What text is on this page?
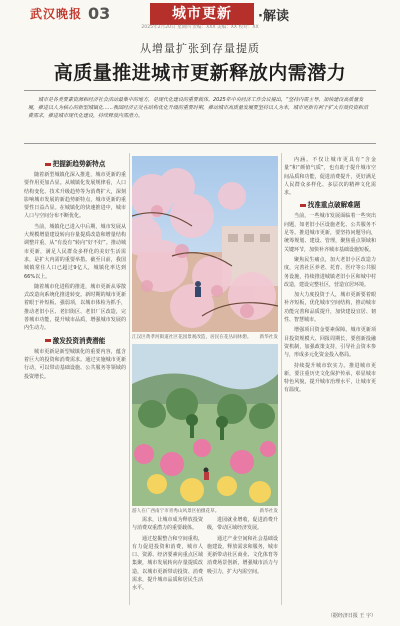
武汉晚报 03	城市更新	·解读
2025年2月20日 星期四 责编：XXX 美编：XX 校对：XX
从增量扩张到存量提质
高质量推进城市更新释放内需潜力
城市是各类要素资源和经济社会活动最集中的地方，是现代化建设的重要载体。2025年中央经济工作会议提出，“坚持内需主导，加快建设高质量发展，推进以人为核心的新型城镇化……我国经济正处在结构优化升级的重要时期，推动城市高质量发展要坚持以人为本，城市更新有利于扩大有效投资和消费需求，推进城市现代化建设，持续释放内需潜力。
把握新趋势新特点

随着新型城镇化深入推进，城市更新的重要作用更加凸显。从城镇化发展规律看，人口结构变化、技术升级趋势等为消费扩大，深刻影响城市发展的新趋势新特点，城市更新的重要性日益凸显。在城镇化的快速推进中，城市人口与空间分布不断优化。

当前，城镇化已进入中后期，城市发展从大规模增量建设转向存量提质改造和增量结构调整并重，从“有没有”转向“好不好”。推动城市更新，满足人民群众多样化的美好生活需求，是扩大内需的重要举措。截至目前，我国城镇常住人口已超过9亿人，城镇化率达到66%以上。

随着城市化进程的推进，城市更新从零散式改造向系统化推进转变。新时期的城市更新着眼于补短板、强弱项，以城市体检为抓手，推动老旧小区、老旧街区、老旧厂区改造，完善城市功能，提升城市品质，增强城市发展的内生动力。

激发投资消费潜能

城市更新是新型城镇化的重要内容，蕴含着巨大的投资和消费需求。通过实施城市更新行动，可以带动基础设施、公共服务等领域的投资增长。

江汉区黄孝河街道社区花园景观改造，居民在花丛间休憩。 新华社发
游人在广西南宁市青秀山风景区拍摄花草。	新华社发

需求，让城市成为释放投资与消费双重潜力的重要载体。

通过挖掘整合和空间重构，有力促进投资和消费，城市人口、资源、经济要素向重点区域集聚，城市发展转向存量提质改造，以城市更新带动投资、消费需求，提升城市品质和居民生活水平。

进园就业增收，促进消费升级，带动区域经济发展。

通过产业空间和社会基础设施建设，释放需求和服务，城市更新带动社区商业、文化体育等消费场景创新，增强城市活力与吸引力，扩大内需空间。

内涵。不仅让城市更具有“含金量”和“颜值气质”，也有助于提升城市空间品质和功能，促进消费提升，更好满足人民群众多样化、多层次的精神文化需求。

找准重点破解难题

当前，一些城市发展面临着一些突出问题，如老旧小区设施老化、公共服务不足等。推进城市更新，要坚持问题导向，统筹规划、建设、管理，聚焦重点领域和关键环节，加快补齐城市基础设施短板。

聚焦民生痛点，加大老旧小区改造力度，完善社区养老、托育、医疗等公共服务设施，持续推进城镇老旧小区和城中村改造，建设完整社区，营造宜居环境。

加大力度投资于人，城市更新要着眼补齐短板，优化城市空间结构，推动城市功能完善和品质提升，加快建设宜居、韧性、智慧城市。

增强项目资金要素保障。城市更新项目投资规模大、回报周期长，要创新投融资机制，加强政策支持，引导社会资本参与，形成多元化资金投入格局。

持续提升城市软实力。推进城市更新，要注重历史文化保护传承，彰显城市特色风貌，提升城市治理水平，让城市更有温度。

（据经济日报 王 宇）
